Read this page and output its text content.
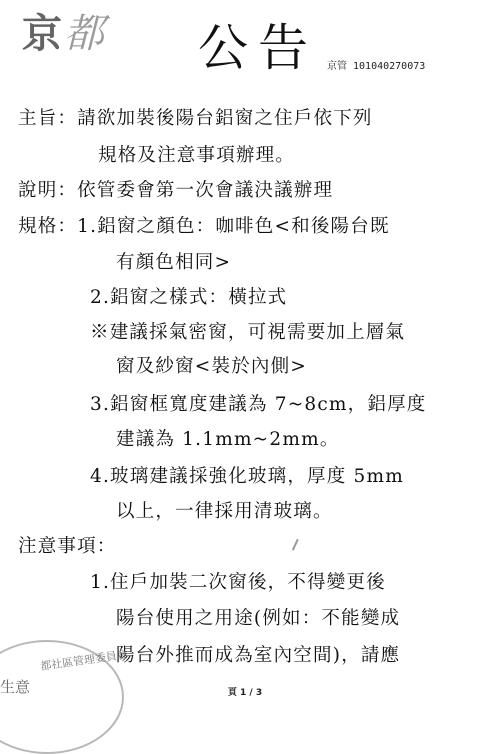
京都 公告 京管 101040270073
主旨：請欲加裝後陽台鋁窗之住戶依下列
規格及注意事項辦理。
說明：依管委會第一次會議決議辦理
規格：1.鋁窗之顏色：咖啡色<和後陽台既
有顏色相同>
2.鋁窗之樣式：橫拉式
※建議採氣密窗，可視需要加上層氣
窗及紗窗<裝於內側>
3.鋁窗框寬度建議為 7~8cm，鋁厚度
建議為 1.1mm~2mm。
4.玻璃建議採強化玻璃，厚度 5mm
以上，一律採用清玻璃。
注意事項：
1.住戶加裝二次窗後，不得變更後
陽台使用之用途(例如：不能變成
陽台外推而成為室內空間)，請應
都社區管理委員會
生意	頁 1 / 3
